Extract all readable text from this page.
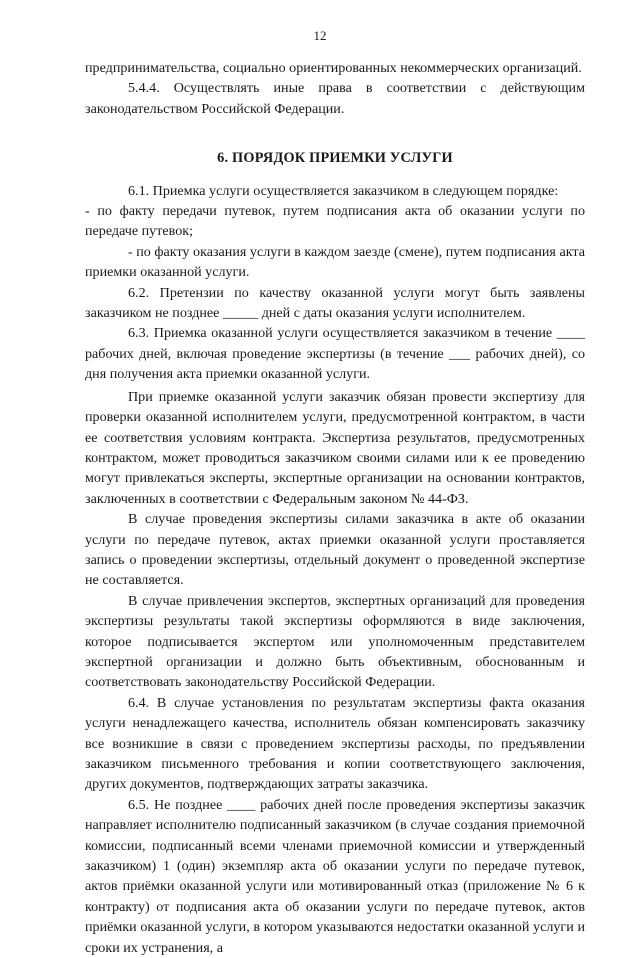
12

предпринимательства, социально ориентированных некоммерческих организаций.

5.4.4. Осуществлять иные права в соответствии с действующим законодательством Российской Федерации.

6. ПОРЯДОК ПРИЕМКИ УСЛУГИ

6.1. Приемка услуги осуществляется заказчиком в следующем порядке:

- по факту передачи путевок, путем подписания акта об оказании услуги по передаче путевок;

- по факту оказания услуги в каждом заезде (смене), путем подписания акта приемки оказанной услуги.

6.2. Претензии по качеству оказанной услуги могут быть заявлены заказчиком не позднее _____ дней с даты оказания услуги исполнителем.

6.3. Приемка оказанной услуги осуществляется заказчиком в течение ____ рабочих дней, включая проведение экспертизы (в течение ___ рабочих дней), со дня получения акта приемки оказанной услуги.

При приемке оказанной услуги заказчик обязан провести экспертизу для проверки оказанной исполнителем услуги, предусмотренной контрактом, в части ее соответствия условиям контракта. Экспертиза результатов, предусмотренных контрактом, может проводиться заказчиком своими силами или к ее проведению могут привлекаться эксперты, экспертные организации на основании контрактов, заключенных в соответствии с Федеральным законом № 44-ФЗ.

В случае проведения экспертизы силами заказчика в акте об оказании услуги по передаче путевок, актах приемки оказанной услуги проставляется запись о проведении экспертизы, отдельный документ о проведенной экспертизе не составляется.

В случае привлечения экспертов, экспертных организаций для проведения экспертизы результаты такой экспертизы оформляются в виде заключения, которое подписывается экспертом или уполномоченным представителем экспертной организации и должно быть объективным, обоснованным и соответствовать законодательству Российской Федерации.

6.4. В случае установления по результатам экспертизы факта оказания услуги ненадлежащего качества, исполнитель обязан компенсировать заказчику все возникшие в связи с проведением экспертизы расходы, по предъявлении заказчиком письменного требования и копии соответствующего заключения, других документов, подтверждающих затраты заказчика.

6.5. Не позднее ____ рабочих дней после проведения экспертизы заказчик направляет исполнителю подписанный заказчиком (в случае создания приемочной комиссии, подписанный всеми членами приемочной комиссии и утвержденный заказчиком) 1 (один) экземпляр акта об оказании услуги по передаче путевок, актов приёмки оказанной услуги или мотивированный отказ (приложение № 6 к контракту) от подписания акта об оказании услуги по передаче путевок, актов приёмки оказанной услуги, в котором указываются недостатки оказанной услуги и сроки их устранения, а
